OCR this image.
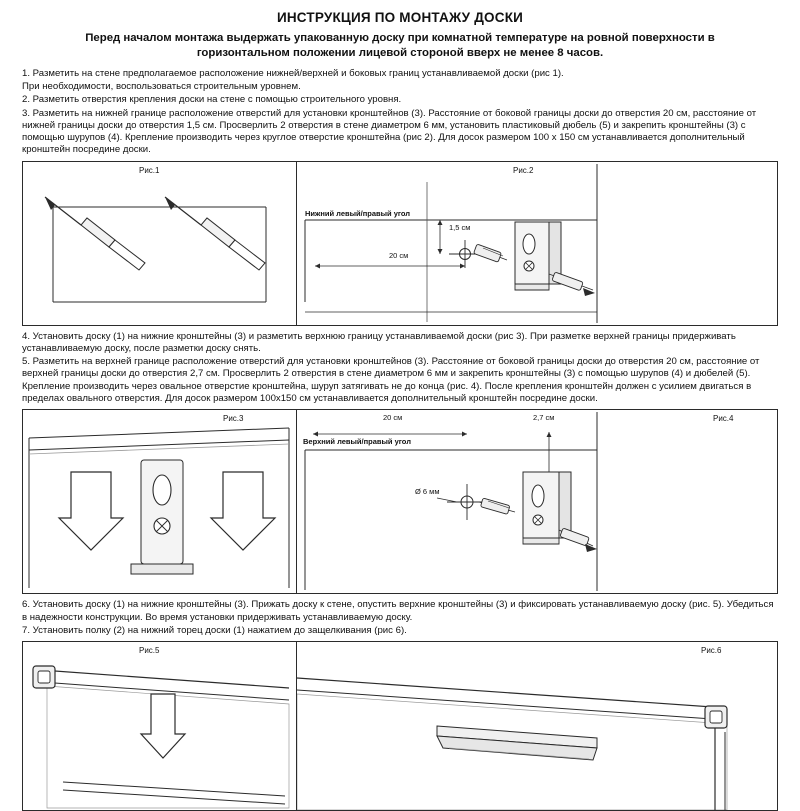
ИНСТРУКЦИЯ ПО МОНТАЖУ ДОСКИ
Перед началом монтажа выдержать упакованную доску при комнатной температуре на ровной поверхности в горизонтальном положении лицевой стороной вверх не менее 8 часов.

1. Разметить на стене предполагаемое расположение нижней/верхней и боковых границ устанавливаемой доски (рис 1).

При необходимости, воспользоваться строительным уровнем.

2. Разметить отверстия крепления доски на стене с помощью строительного уровня.

3. Разметить на нижней границе расположение отверстий для установки кронштейнов (3). Расстояние от боковой границы доски до отверстия 20 см, расстояние от нижней границы доски до отверстия 1,5 см. Просверлить 2 отверстия в стене диаметром 6 мм, установить пластиковый дюбель (5) и закрепить кронштейны (3) с помощью шурупов (4). Крепление производить через круглое отверстие кронштейна (рис 2). Для досок размером 100 х 150 см устанавливается дополнительный кронштейн посредине доски.

Рис.1	Рис.2
Нижний левый/правый угол
1,5 см
20 см

4. Установить доску (1) на нижние кронштейны (3) и разметить верхнюю границу устанавливаемой доски (рис 3). При разметке верхней границы придерживать устанавливаемую доску, после разметки доску снять.

5. Разметить на верхней границе расположение отверстий для установки кронштейнов (3). Расстояние от боковой границы доски до отверстия 20 см, расстояние от верхней границы доски до отверстия 2,7 см. Просверлить 2 отверстия в стене диаметром 6 мм и закрепить кронштейны (3) с помощью шурупов (4) и дюбелей (5). Крепление производить через овальное отверстие кронштейна, шуруп затягивать не до конца (рис. 4). После крепления кронштейн должен с усилием двигаться в пределах овального отверстия. Для досок размером 100х150 см устанавливается дополнительный кронштейн посредине доски.

Рис.3	Рис.4
20 см	2,7 см
Верхний левый/правый угол
Ø 6 мм

6. Установить доску (1) на нижние кронштейны (3). Прижать доску к стене, опустить верхние кронштейны (3) и фиксировать устанавливаемую доску (рис. 5). Убедиться в надежности конструкции. Во время установки придерживать устанавливаемую доску.

7. Установить полку (2) на нижний торец доски (1) нажатием до защелкивания (рис 6).

Рис.5	Рис.6
